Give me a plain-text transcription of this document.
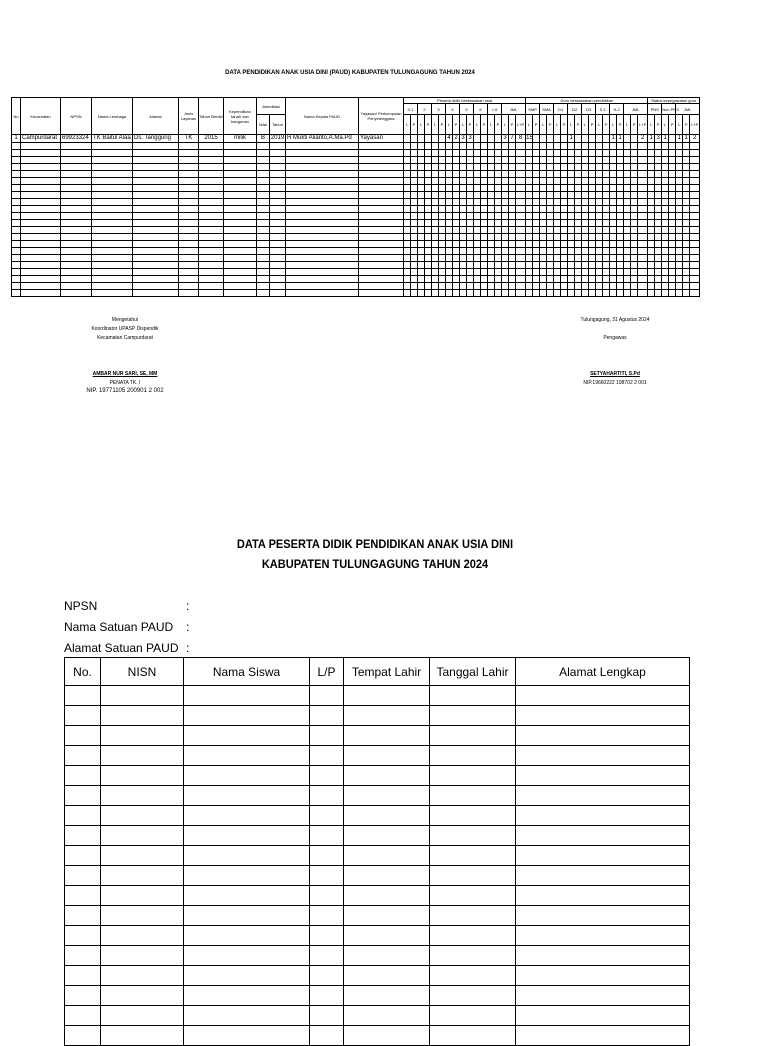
DATA PENDIDIKAN ANAK USIA DINI (PAUD) KABUPATEN TULUNGAGUNG TAHUN 2024
No	Kecamatan	NPSN	Nama Lembaga	Alamat	Jenis Layanan	Tahun Berdiri	Kepemilikan tanah dan bangunan	Akreditasi		Nama Kepala PAUD	Yayasan/ Perkumpulan Penyelenggara	Peserta didik berdasarkan usia																	Guru berdasarkan pendidikan																	Status kepegawaian guru							
												0-1		2		3		4		5		6		> 6		JML			SMP		SMA		D1		D2		D3		S-1		S-2		JML			PNS		Non PNS		JML			
								Nilai	Tahun			L	P	L	P	L	P	L	P	L	P	L	P	L	P	L	P	L+P	L	P	L	P	L	P	L	P	L	P	L	P	L	P	L	P	L+P	L	P	L	P	L	P	L+P	
1	Campurdarat	69923324	TK Baitul Alaa	Ds. Tanggung	TK	2015	milik	B	2019	H Mukti Alianto,A.Ma.Pd	Yayasan							4	2	3	3					3	7	8	15						1						1	1			2	1	3	1		1	1	2		

Mengetahui
Koordinator UPASP Dispendik
Kecamatan Campurdarat
AMBAR NUR SARI, SE, MM
PENATA TK. I
NIP. 19771105 200901 2 002
Tulungagung, 31 Agustus 2024
Pengawas
SETYAHARTITI, S.Pd
NIP.19660222 198702 2 001
DATA PESERTA DIDIK PENDIDIKAN ANAK USIA DINI
KABUPATEN TULUNGAGUNG TAHUN 2024
NPSN	:
Nama Satuan PAUD :
Alamat Satuan PAUD :
No.	NISN	Nama Siswa	L/P	Tempat Lahir	Tanggal Lahir	Alamat Lengkap
